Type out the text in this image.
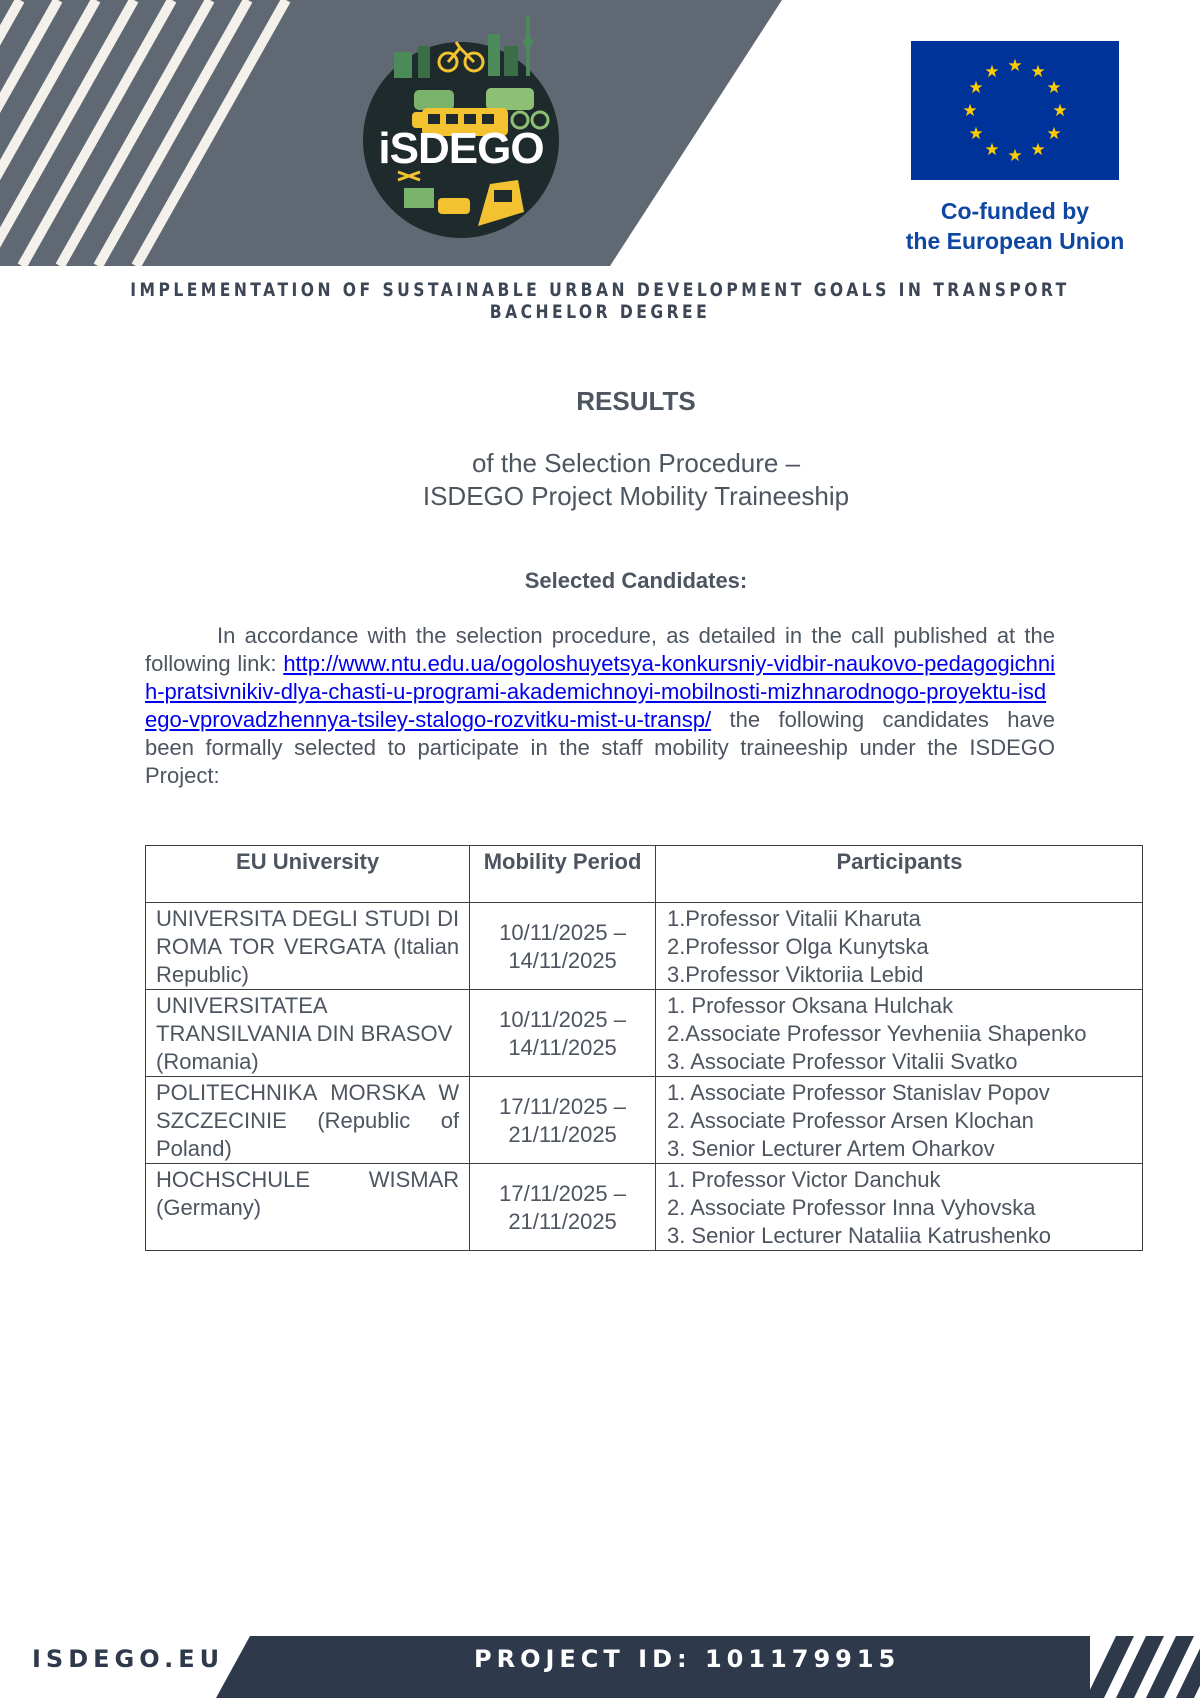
iSDEGO
★ ★
★
★
★
★
★
★
★
★
★
★
Co-funded by
the European Union
IMPLEMENTATION OF SUSTAINABLE URBAN DEVELOPMENT GOALS IN TRANSPORT BACHELOR DEGREE
RESULTS
of the Selection Procedure –
ISDEGO Project Mobility Traineeship
Selected Candidates:
In accordance with the selection procedure, as detailed in the call published at the following link: http://www.ntu.edu.ua/ogoloshuyetsya-konkursniy-vidbir-naukovo-pedagogichnih-pratsivnikiv-dlya-chasti-u-programi-akademichnoyi-mobilnosti-mizhnarodnogo-proyektu-isdego-vprovadzhennya-tsiley-stalogo-rozvitku-mist-u-transp/ the following candidates have been formally selected to participate in the staff mobility traineeship under the ISDEGO Project:
EU University	Mobility Period	Participants
UNIVERSITA DEGLI STUDI DI ROMA TOR VERGATA (Italian Republic)	10/11/2025 – 14/11/2025	1.Professor Vitalii Kharuta
2.Professor Olga Kunytska
3.Professor Viktoriia Lebid

UNIVERSITATEA TRANSILVANIA DIN BRASOV (Romania)	10/11/2025 – 14/11/2025	1. Professor Oksana Hulchak
2.Associate Professor Yevheniia Shapenko
3. Associate Professor Vitalii Svatko

POLITECHNIKA MORSKA W SZCZECINIE (Republic of Poland)	17/11/2025 – 21/11/2025	1. Associate Professor Stanislav Popov
2. Associate Professor Arsen Klochan
3. Senior Lecturer Artem Oharkov

HOCHSCHULE WISMAR (Germany)	17/11/2025 – 21/11/2025	1. Professor Victor Danchuk
2. Associate Professor Inna Vyhovska
3. Senior Lecturer Nataliia Katrushenko
ISDEGO.EU	PROJECT ID: 101179915
